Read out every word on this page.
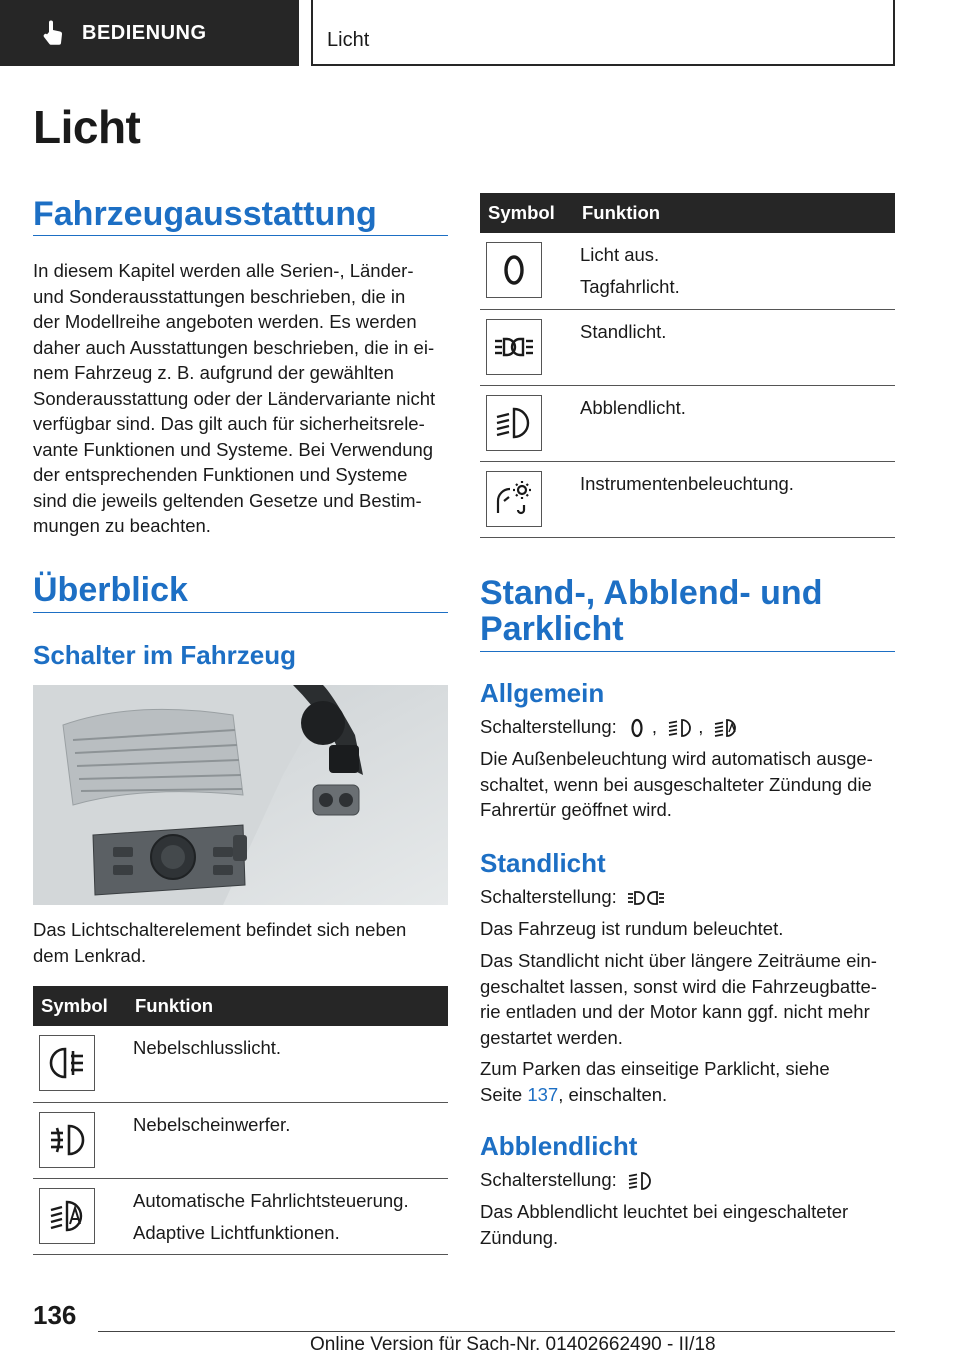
BEDIENUNG	Licht
Licht
Fahrzeugausstattung
In diesem Kapitel werden alle Serien-, Länder-
und Sonderausstattungen beschrieben, die in
der Modellreihe angeboten werden. Es werden
daher auch Ausstattungen beschrieben, die in ei-
nem Fahrzeug z. B. aufgrund der gewählten
Sonderausstattung oder der Ländervariante nicht
verfügbar sind. Das gilt auch für sicherheitsrele-
vante Funktionen und Systeme. Bei Verwendung
der entsprechenden Funktionen und Systeme
sind die jeweils geltenden Gesetze und Bestim-
mungen zu beachten.
Überblick
Schalter im Fahrzeug
Das Lichtschalterelement befindet sich neben
dem Lenkrad.
Symbol	Funktion

Nebelschlusslicht.

Nebelscheinwerfer.

Automatische Fahrlichtsteuerung.
Adaptive Lichtfunktionen.
Symbol	Funktion

Licht aus.
Tagfahrlicht.

Standlicht.

Abblendlicht.

Instrumentenbeleuchtung.
Stand-, Abblend- und
Parklicht
Allgemein
Schalterstellung: , ,
Die Außenbeleuchtung wird automatisch ausge-
schaltet, wenn bei ausgeschalteter Zündung die
Fahrertür geöffnet wird.
Standlicht
Schalterstellung:
Das Fahrzeug ist rundum beleuchtet.
Das Standlicht nicht über längere Zeiträume ein-
geschaltet lassen, sonst wird die Fahrzeugbatte-
rie entladen und der Motor kann ggf. nicht mehr
gestartet werden.
Zum Parken das einseitige Parklicht, siehe
Seite 137, einschalten.
Abblendlicht
Schalterstellung:
Das Abblendlicht leuchtet bei eingeschalteter
Zündung.
136
Online Version für Sach-Nr. 01402662490 - II/18
